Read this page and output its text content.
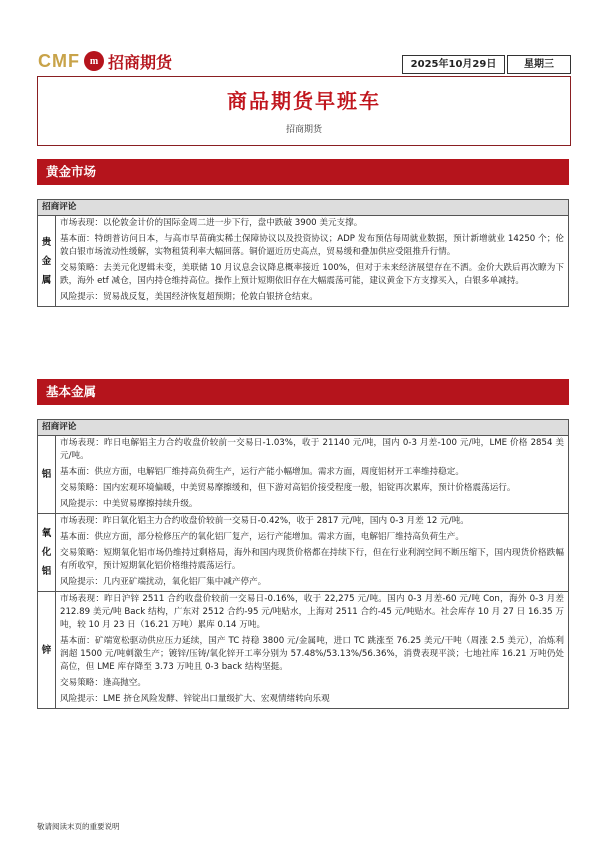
CMF m 招商期货	2025年10月29日	星期三
商品期货早班车
招商期货
黄金市场
招商评论
贵金属	

市场表现：以伦敦金计价的国际金周二进一步下行，盘中跌破 3900 美元支撑。

基本面：特朗普访问日本，与高市早苗确实稀土保障协议以及投资协议；ADP 发布预估每周就业数据，预计新增就业 14250 个；伦敦白银市场流动性缓解，实物租赁利率大幅回落。铜价逼近历史高点，贸易缓和叠加供应受阻推升行情。

交易策略：去美元化逻辑未变，美联储 10 月议息会议降息概率接近 100%，但对于未来经济展望存在不洒。金价大跌后再次瞭为下跌，海外 etf 减仓，国内持仓维持高位。操作上预计短期依旧存在大幅震荡可能，建议黄金下方支撑买入，白银多单减持。

风险提示：贸易战反复，美国经济恢复超预期；伦敦白银挤仓结束。

基本金属
招商评论	
铝	市场表现：昨日电解铝主力合约收盘价较前一交易日-1.03%，收于 21140 元/吨，国内 0-3 月差-100 元/吨，LME 价格 2854 美元/吨。

基本面：供应方面，电解铝厂维持高负荷生产，运行产能小幅增加。需求方面，周度铝材开工率维持稳定。

交易策略：国内宏观环境偏暖，中美贸易摩擦缓和，但下游对高铝价接受程度一般，铝锭再次累库，预计价格震荡运行。

风险提示：中美贸易摩擦持续升级。

氧化铝	市场表现：昨日氧化铝主力合约收盘价较前一交易日-0.42%，收于 2817 元/吨，国内 0-3 月差 12 元/吨。

基本面：供应方面，部分检修压产的氧化铝厂复产，运行产能增加。需求方面，电解铝厂维持高负荷生产。

交易策略：短期氧化铝市场仍维持过剩格局，海外和国内现货价格都在持续下行，但在行业利润空间不断压缩下，国内现货价格跌幅有所收窄，预计短期氧化铝价格维持震荡运行。

风险提示：几内亚矿端扰动，氧化铝厂集中减产停产。

锌	市场表现：昨日沪锌 2511 合约收盘价较前一交易日-0.16%，收于 22,275 元/吨。国内 0-3 月差-60 元/吨 Con，海外 0-3 月差 212.89 美元/吨 Back 结构，广东对 2512 合约-95 元/吨贴水，上海对 2511 合约-45 元/吨贴水。社会库存 10 月 27 日 16.35 万吨，较 10 月 23 日（16.21 万吨）累库 0.14 万吨。

基本面：矿端宽松驱动供应压力延续，国产 TC 持稳 3800 元/金属吨，进口 TC 跳涨至 76.25 美元/干吨（周涨 2.5 美元），冶炼利润超 1500 元/吨刺激生产；镀锌/压铸/氧化锌开工率分别为 57.48%/53.13%/56.36%，消费表现平淡；七地社库 16.21 万吨仍处高位，但 LME 库存降至 3.73 万吨且 0-3 back 结构坚挺。

交易策略：逢高抛空。

风险提示：LME 挤仓风险发酵、锌锭出口量级扩大、宏观情绪转向乐观

敬请阅读末页的重要说明
